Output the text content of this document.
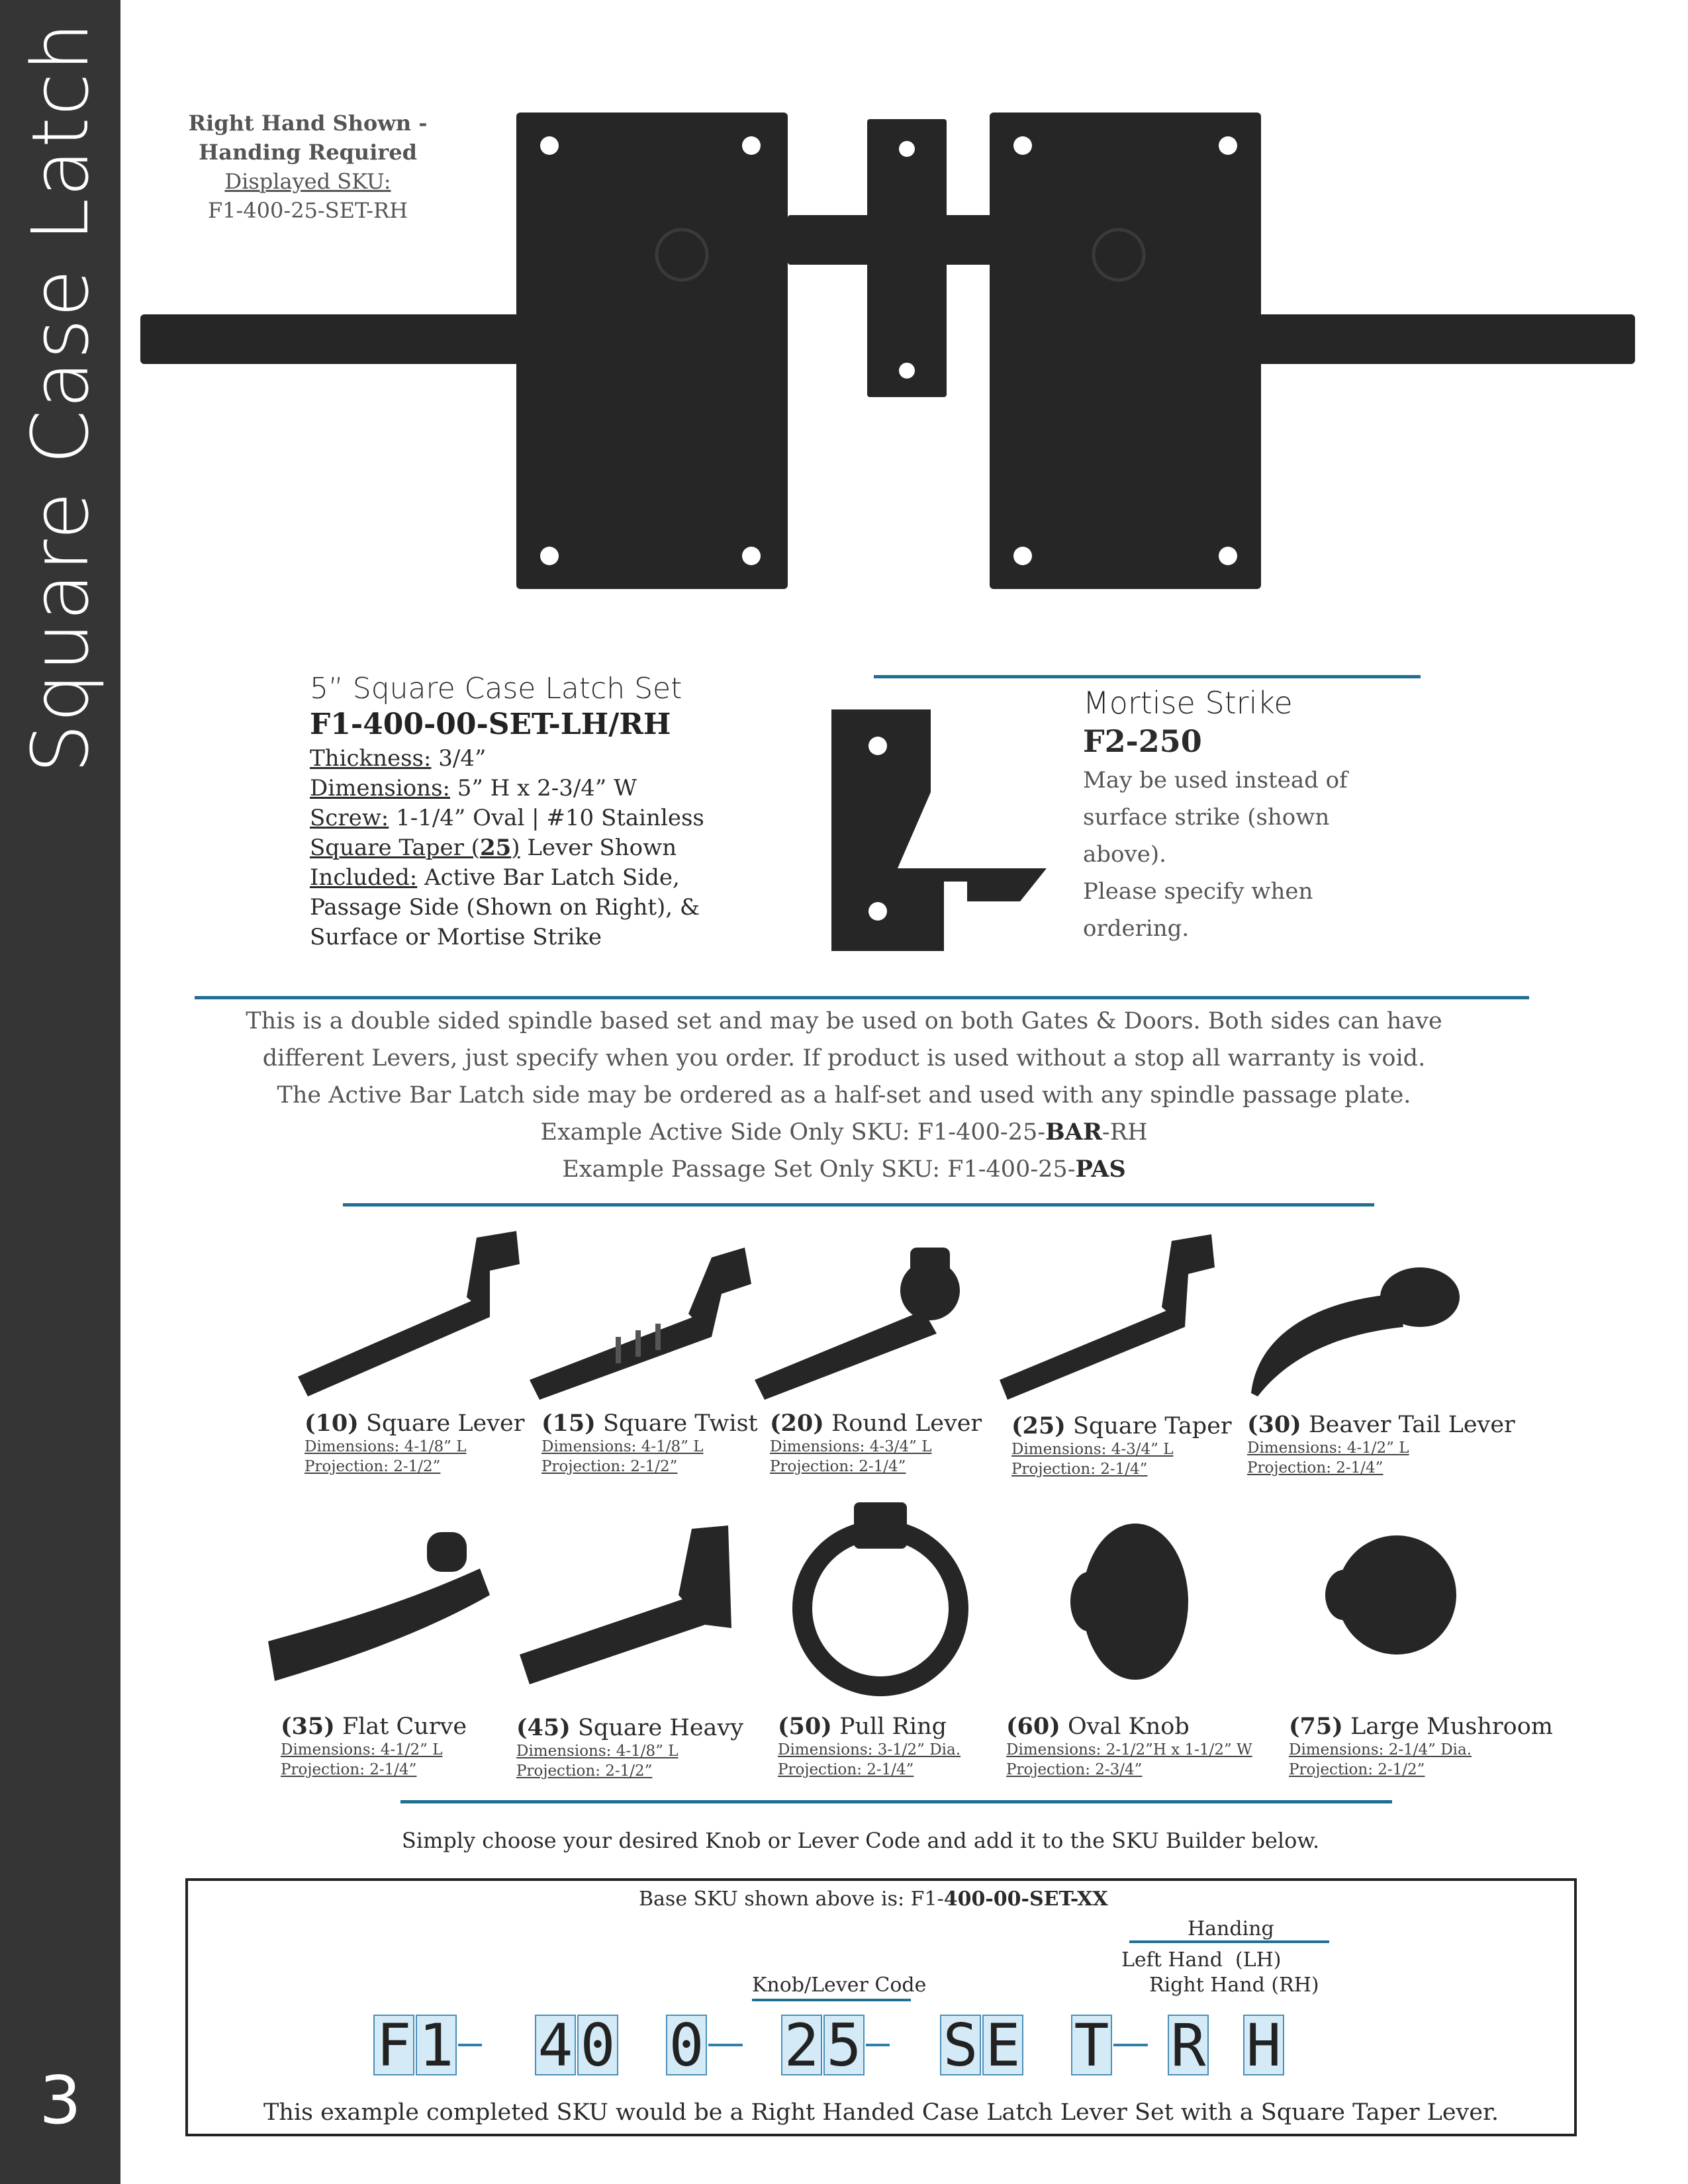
Square Case Latch
3
Right Hand Shown -
Handing Required
Displayed SKU:
F1-400-25-SET-RH
5” Square Case Latch Set
F1-400-00-SET-LH/RH
Thickness: 3/4”
Dimensions: 5” H x 2-3/4” W
Screw: 1-1/4” Oval | #10 Stainless
Square Taper (25) Lever Shown
Included: Active Bar Latch Side,
Passage Side (Shown on Right), &
Surface or Mortise Strike
Mortise Strike
F2-250
May be used instead of
surface strike (shown
above).
Please specify when
ordering.
This is a double sided spindle based set and may be used on both Gates & Doors. Both sides can have
different Levers, just specify when you order. If product is used without a stop all warranty is void.
The Active Bar Latch side may be ordered as a half-set and used with any spindle passage plate.
Example Active Side Only SKU: F1-400-25-BAR-RH
Example Passage Set Only SKU: F1-400-25-PAS
(10) Square Lever
Dimensions: 4-1/8” L
Projection: 2-1/2”
(15) Square Twist
Dimensions: 4-1/8” L
Projection: 2-1/2”
(20) Round Lever
Dimensions: 4-3/4” L
Projection: 2-1/4”
(25) Square Taper
Dimensions: 4-3/4” L
Projection: 2-1/4”
(30) Beaver Tail Lever
Dimensions: 4-1/2” L
Projection: 2-1/4”
(35) Flat Curve
Dimensions: 4-1/2” L
Projection: 2-1/4”
(45) Square Heavy
Dimensions: 4-1/8” L
Projection: 2-1/2”
(50) Pull Ring
Dimensions: 3-1/2” Dia.
Projection: 2-1/4”
(60) Oval Knob
Dimensions: 2-1/2”H x 1-1/2” W
Projection: 2-3/4”
(75) Large Mushroom
Dimensions: 2-1/4” Dia.
Projection: 2-1/2”
Simply choose your desired Knob or Lever Code and add it to the SKU Builder below.
Base SKU shown above is: F1-400-00-SET-XX
Handing
Left Hand  (LH)
Right Hand (RH)
Knob/Lever Code
F 1 4 0 0 2 5 S E T R H
This example completed SKU would be a Right Handed Case Latch Lever Set with a Square Taper Lever.
